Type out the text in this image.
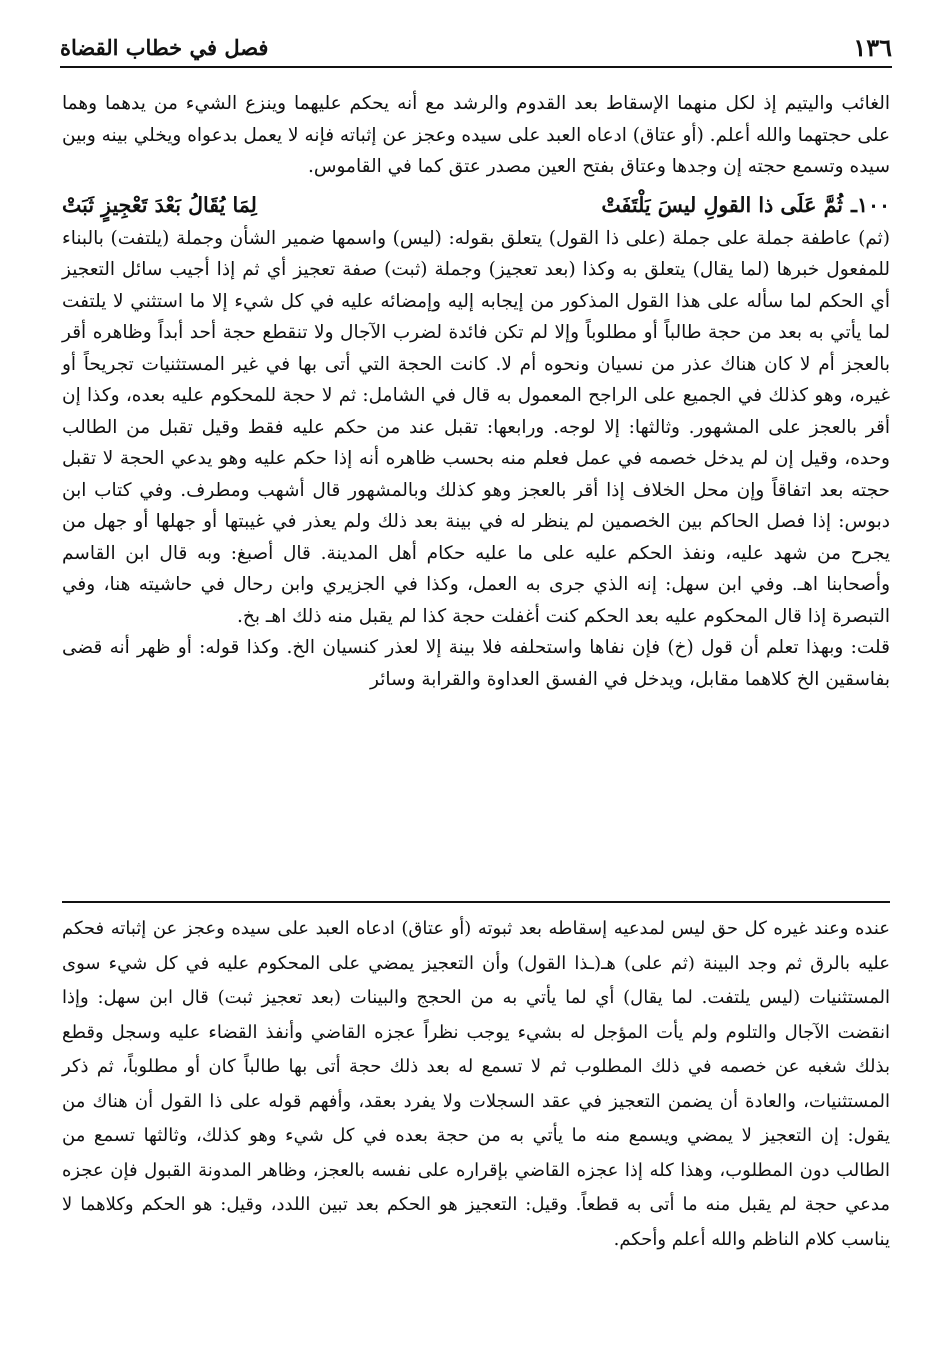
١٣٦
فصل في خطاب القضاة

الغائب واليتيم إذ لكل منهما الإسقاط بعد القدوم والرشد مع أنه يحكم عليهما وينزع الشيء من يدهما وهما على حجتهما والله أعلم. (أو عتاق) ادعاه العبد على سيده وعجز عن إثباته فإنه لا يعمل بدعواه ويخلي بينه وبين سيده وتسمع حجته إن وجدها وعتاق بفتح العين مصدر عتق كما في القاموس.

١٠٠ـ
ثُمَّ عَلَى ذا القولِ ليسَ يَلْتَفَتْ
لِمَا يُقَالُ بَعْدَ تَعْجِيزٍ ثَبَتْ

(ثم) عاطفة جملة على جملة (على ذا القول) يتعلق بقوله: (ليس) واسمها ضمير الشأن وجملة (يلتفت) بالبناء للمفعول خبرها (لما يقال) يتعلق به وكذا (بعد تعجيز) وجملة (ثبت) صفة تعجيز أي ثم إذا أجيب سائل التعجيز أي الحكم لما سأله على هذا القول المذكور من إيجابه إليه وإمضائه عليه في كل شيء إلا ما استثني لا يلتفت لما يأتي به بعد من حجة طالباً أو مطلوباً وإلا لم تكن فائدة لضرب الآجال ولا تنقطع حجة أحد أبداً وظاهره أقر بالعجز أم لا كان هناك عذر من نسيان ونحوه أم لا. كانت الحجة التي أتى بها في غير المستثنيات تجريحاً أو غيره، وهو كذلك في الجميع على الراجح المعمول به قال في الشامل: ثم لا حجة للمحكوم عليه بعده، وكذا إن أقر بالعجز على المشهور. وثالثها: إلا لوجه. ورابعها: تقبل عند من حكم عليه فقط وقيل تقبل من الطالب وحده، وقيل إن لم يدخل خصمه في عمل فعلم منه بحسب ظاهره أنه إذا حكم عليه وهو يدعي الحجة لا تقبل حجته بعد اتفاقاً وإن محل الخلاف إذا أقر بالعجز وهو كذلك وبالمشهور قال أشهب ومطرف. وفي كتاب ابن دبوس: إذا فصل الحاكم بين الخصمين لم ينظر له في بينة بعد ذلك ولم يعذر في غيبتها أو جهلها أو جهل من يجرح من شهد عليه، ونفذ الحكم عليه على ما عليه حكام أهل المدينة. قال أصبغ: وبه قال ابن القاسم وأصحابنا اهـ. وفي ابن سهل: إنه الذي جرى به العمل، وكذا في الجزيري وابن رحال في حاشيته هنا، وفي التبصرة إذا قال المحكوم عليه بعد الحكم كنت أغفلت حجة كذا لم يقبل منه ذلك اهـ بخ.

قلت: وبهذا تعلم أن قول (خ) فإن نفاها واستحلفه فلا بينة إلا لعذر كنسيان الخ. وكذا قوله: أو ظهر أنه قضى بفاسقين الخ كلاهما مقابل، ويدخل في الفسق العداوة والقرابة وسائر

عنده وعند غيره كل حق ليس لمدعيه إسقاطه بعد ثبوته (أو عتاق) ادعاه العبد على سيده وعجز عن إثباته فحكم عليه بالرق ثم وجد البينة (ثم على) هـ(ـذا القول) وأن التعجيز يمضي على المحكوم عليه في كل شيء سوى المستثنيات (ليس يلتفت. لما يقال) أي لما يأتي به من الحجج والبينات (بعد تعجيز ثبت) قال ابن سهل: وإذا انقضت الآجال والتلوم ولم يأت المؤجل له بشيء يوجب نظراً عجزه القاضي وأنفذ القضاء عليه وسجل وقطع بذلك شغبه عن خصمه في ذلك المطلوب ثم لا تسمع له بعد ذلك حجة أتى بها طالباً كان أو مطلوباً، ثم ذكر المستثنيات، والعادة أن يضمن التعجيز في عقد السجلات ولا يفرد بعقد، وأفهم قوله على ذا القول أن هناك من يقول: إن التعجيز لا يمضي ويسمع منه ما يأتي به من حجة بعده في كل شيء وهو كذلك، وثالثها تسمع من الطالب دون المطلوب، وهذا كله إذا عجزه القاضي بإقراره على نفسه بالعجز، وظاهر المدونة القبول فإن عجزه مدعي حجة لم يقبل منه ما أتى به قطعاً. وقيل: التعجيز هو الحكم بعد تبين اللدد، وقيل: هو الحكم وكلاهما لا يناسب كلام الناظم والله أعلم وأحكم.
